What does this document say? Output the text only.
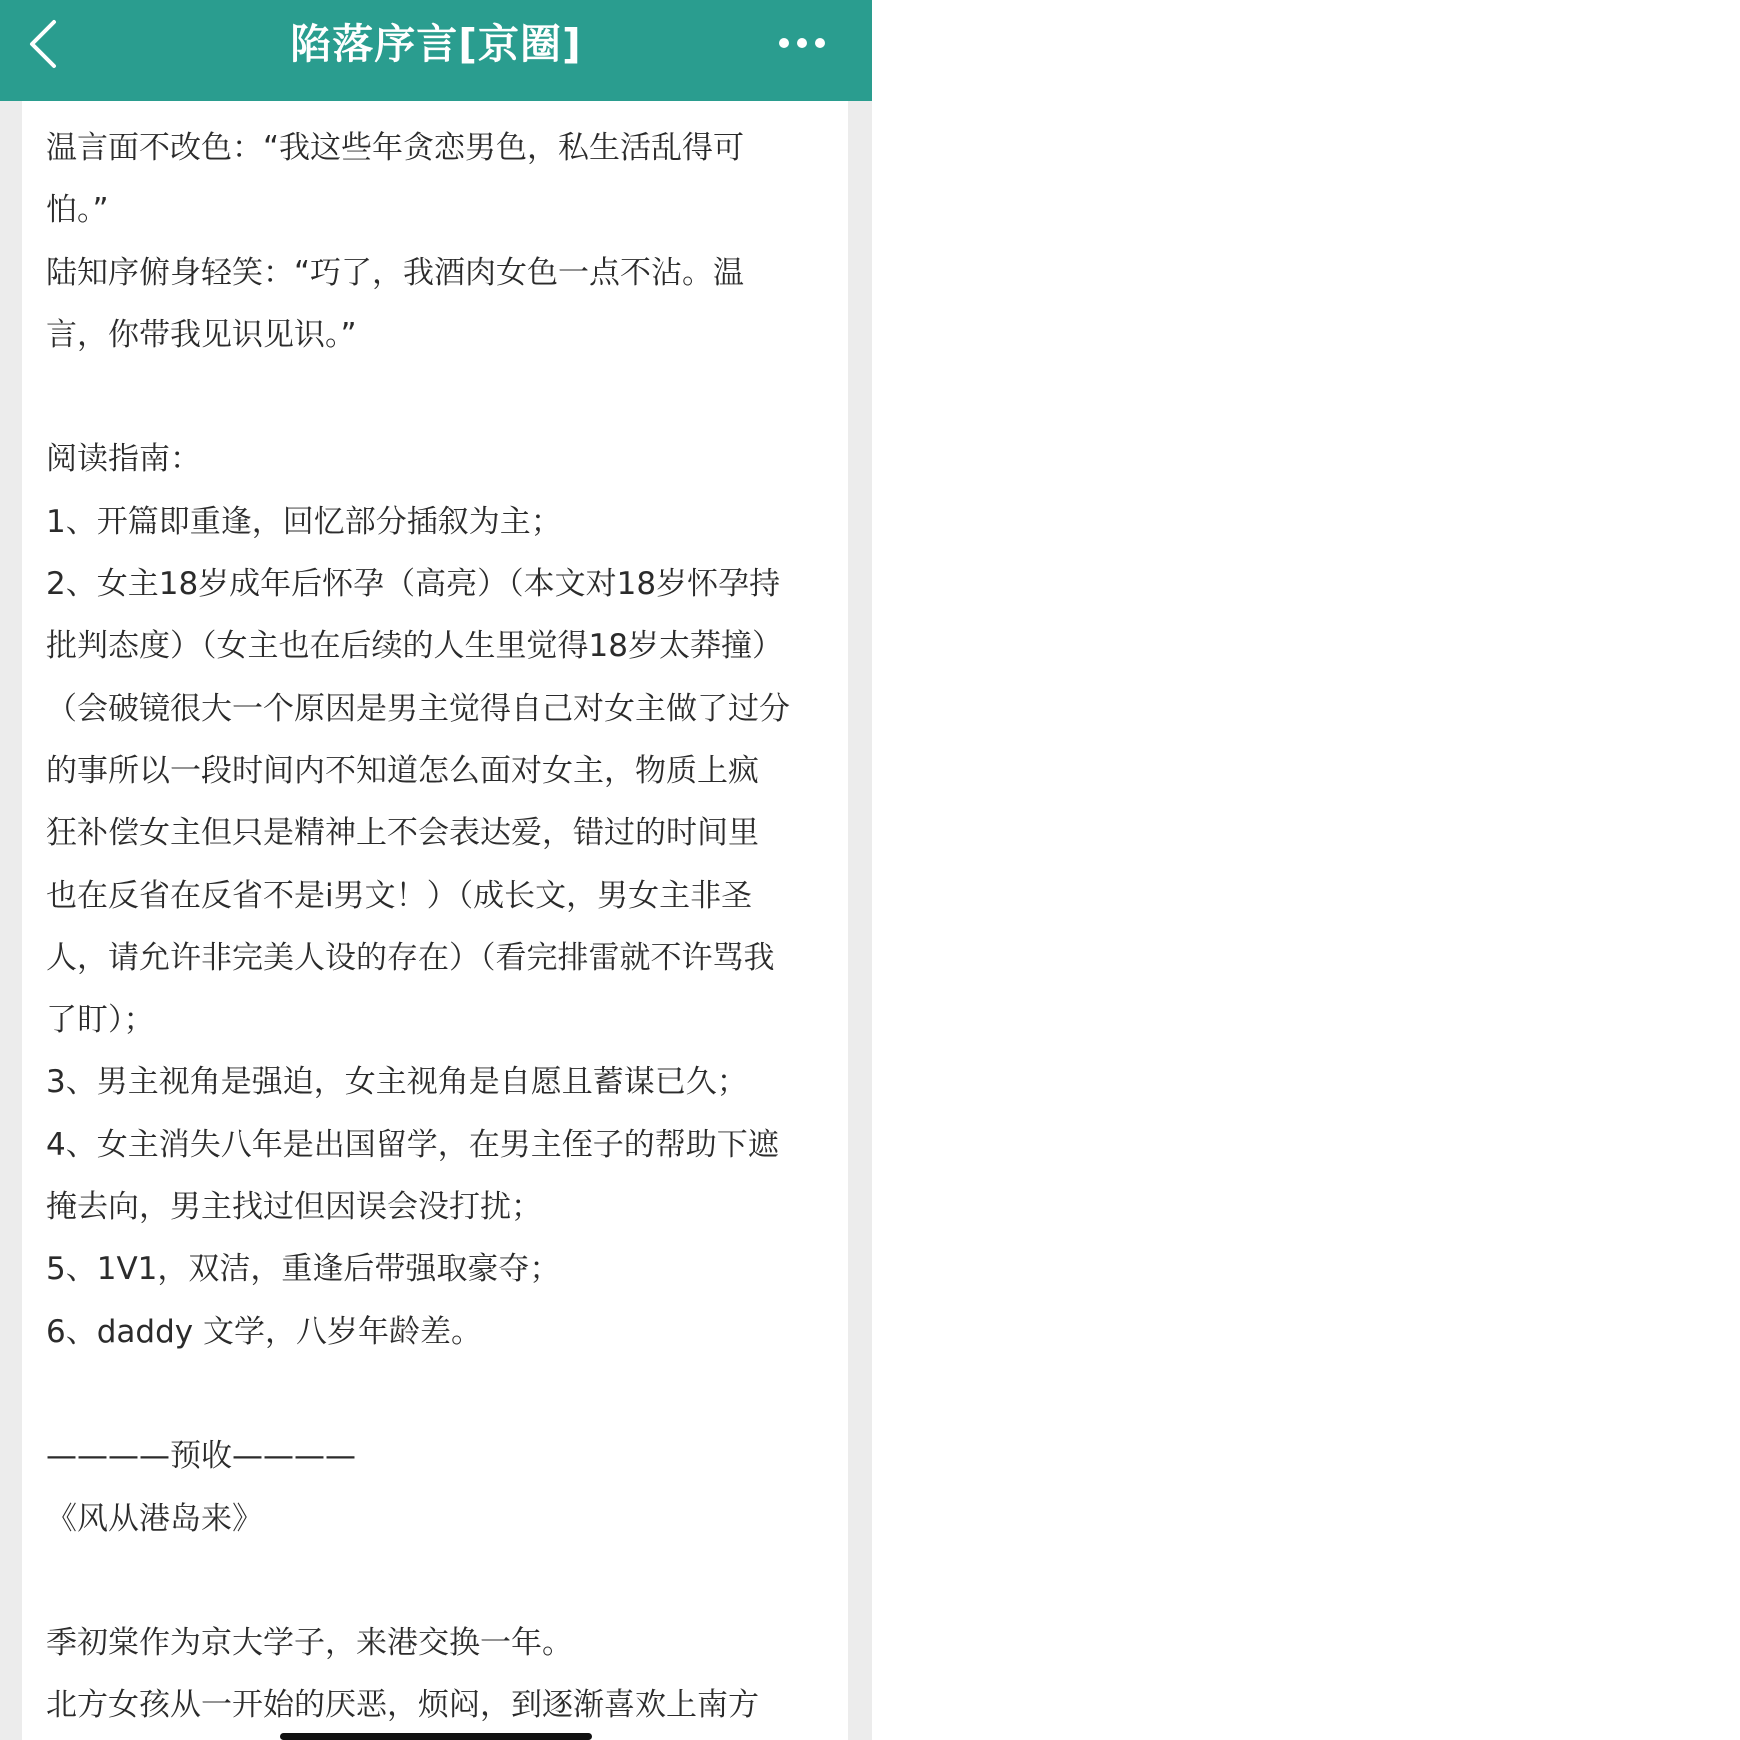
陷落序言[京圈]
温言面不改色：“我这些年贪恋男色，私生活乱得可
怕。”
陆知序俯身轻笑：“巧了，我酒肉女色一点不沾。温
言，你带我见识见识。”
阅读指南：
1、开篇即重逢，回忆部分插叙为主；
2、女主18岁成年后怀孕（高亮）（本文对18岁怀孕持
批判态度）（女主也在后续的人生里觉得18岁太莽撞）
（会破镜很大一个原因是男主觉得自己对女主做了过分
的事所以一段时间内不知道怎么面对女主，物质上疯
狂补偿女主但只是精神上不会表达爱，错过的时间里
也在反省在反省不是i男文！）（成长文，男女主非圣
人，请允许非完美人设的存在）（看完排雷就不许骂我
了盯）；
3、男主视角是强迫，女主视角是自愿且蓄谋已久；
4、女主消失八年是出国留学，在男主侄子的帮助下遮
掩去向，男主找过但因误会没打扰；
5、1V1，双洁，重逢后带强取豪夺；
6、daddy 文学，八岁年龄差。
————预收————
《风从港岛来》
季初棠作为京大学子，来港交换一年。
北方女孩从一开始的厌恶，烦闷，到逐渐喜欢上南方
